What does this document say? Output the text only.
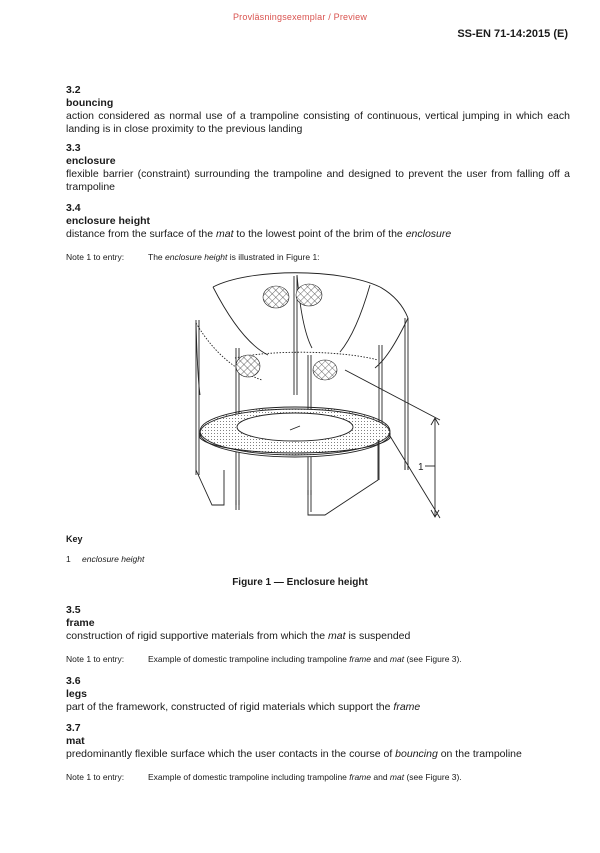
Provläsningsexemplar / Preview
SS-EN 71-14:2015 (E)
3.2
bouncing
action considered as normal use of a trampoline consisting of continuous, vertical jumping in which each landing is in close proximity to the previous landing
3.3
enclosure
flexible barrier (constraint) surrounding the trampoline and designed to prevent the user from falling off a trampoline
3.4
enclosure height
distance from the surface of the mat to the lowest point of the brim of the enclosure
Note 1 to entry:	The enclosure height is illustrated in Figure 1:
1
Key
1	enclosure height
Figure 1 — Enclosure height
3.5
frame
construction of rigid supportive materials from which the mat is suspended
Note 1 to entry:	Example of domestic trampoline including trampoline frame and mat (see Figure 3).
3.6
legs
part of the framework, constructed of rigid materials which support the frame
3.7
mat
predominantly flexible surface which the user contacts in the course of bouncing on the trampoline
Note 1 to entry:	Example of domestic trampoline including trampoline frame and mat (see Figure 3).
